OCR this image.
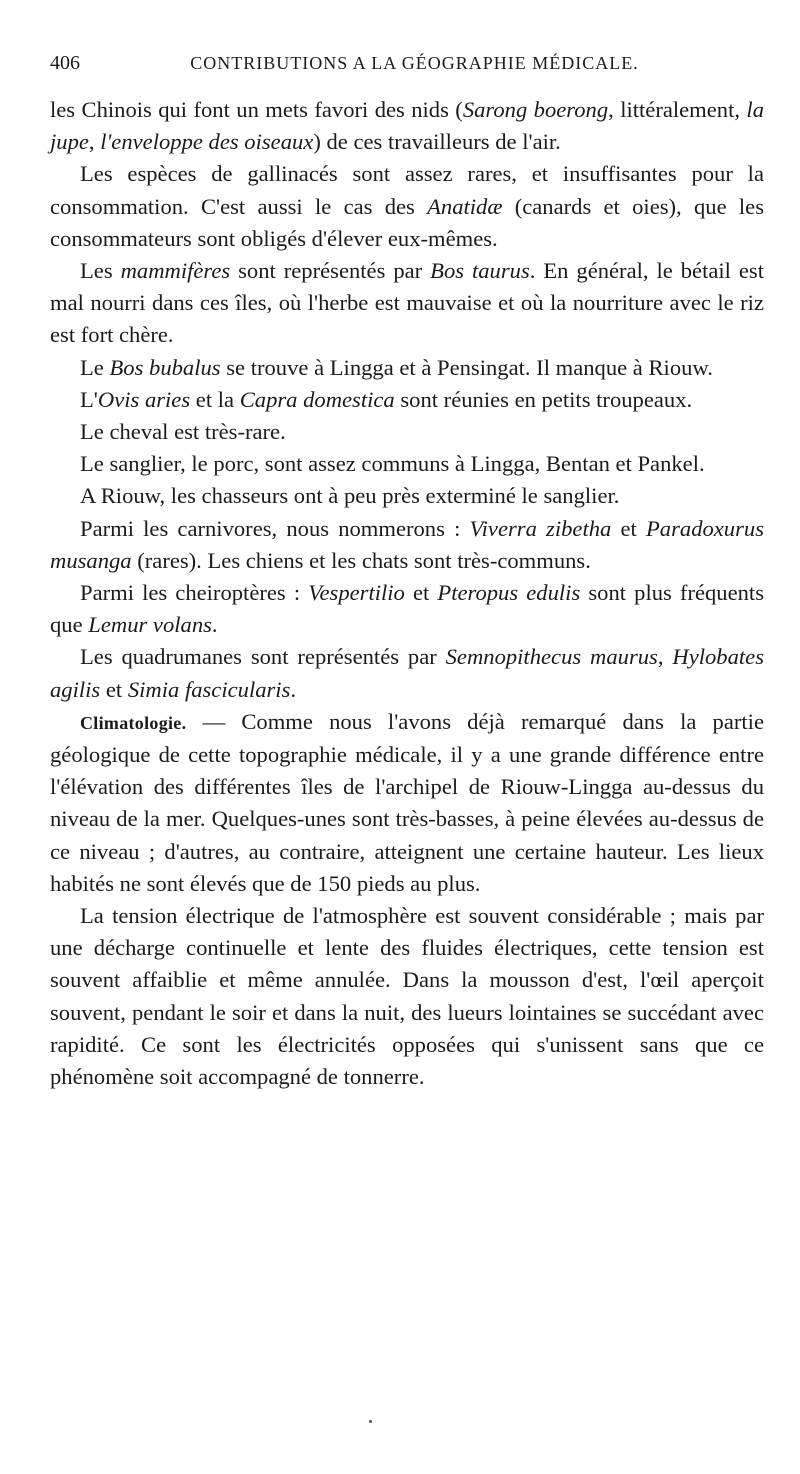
406	CONTRIBUTIONS A LA GÉOGRAPHIE MÉDICALE.

les Chinois qui font un mets favori des nids (Sarong boerong, littéralement, la jupe, l'enveloppe des oiseaux) de ces travailleurs de l'air.

Les espèces de gallinacés sont assez rares, et insuffisantes pour la consommation. C'est aussi le cas des Anatidæ (canards et oies), que les consommateurs sont obligés d'élever eux-mêmes.

Les mammifères sont représentés par Bos taurus. En général, le bétail est mal nourri dans ces îles, où l'herbe est mauvaise et où la nourriture avec le riz est fort chère.

Le Bos bubalus se trouve à Lingga et à Pensingat. Il manque à Riouw.

L'Ovis aries et la Capra domestica sont réunies en petits troupeaux.

Le cheval est très-rare.

Le sanglier, le porc, sont assez communs à Lingga, Bentan et Pankel.

A Riouw, les chasseurs ont à peu près exterminé le sanglier.

Parmi les carnivores, nous nommerons : Viverra zibetha et Paradoxurus musanga (rares). Les chiens et les chats sont très-communs.

Parmi les cheiroptères : Vespertilio et Pteropus edulis sont plus fréquents que Lemur volans.

Les quadrumanes sont représentés par Semnopithecus maurus, Hylobates agilis et Simia fascicularis.

Climatologie. — Comme nous l'avons déjà remarqué dans la partie géologique de cette topographie médicale, il y a une grande différence entre l'élévation des différentes îles de l'archipel de Riouw-Lingga au-dessus du niveau de la mer. Quelques-unes sont très-basses, à peine élevées au-dessus de ce niveau ; d'autres, au contraire, atteignent une certaine hauteur. Les lieux habités ne sont élevés que de 150 pieds au plus.

La tension électrique de l'atmosphère est souvent considérable ; mais par une décharge continuelle et lente des fluides électriques, cette tension est souvent affaiblie et même annulée. Dans la mousson d'est, l'œil aperçoit souvent, pendant le soir et dans la nuit, des lueurs lointaines se succédant avec rapidité. Ce sont les électricités opposées qui s'unissent sans que ce phénomène soit accompagné de tonnerre.
